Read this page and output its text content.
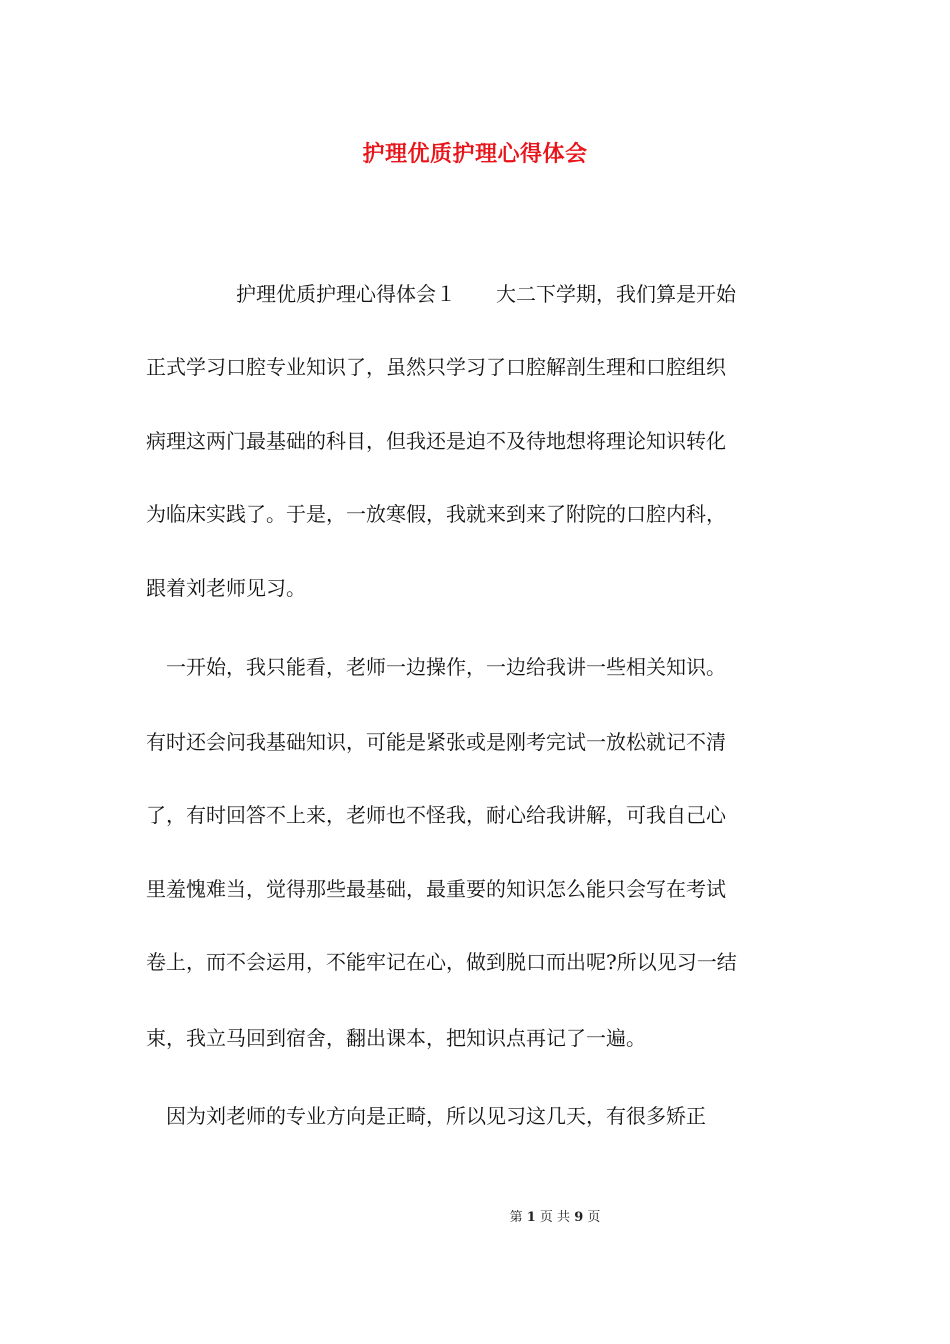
护理优质护理心得体会
护理优质护理心得体会１　　大二下学期，我们算是开始
正式学习口腔专业知识了，虽然只学习了口腔解剖生理和口腔组织
病理这两门最基础的科目，但我还是迫不及待地想将理论知识转化
为临床实践了。于是，一放寒假，我就来到来了附院的口腔内科，
跟着刘老师见习。
　一开始，我只能看，老师一边操作，一边给我讲一些相关知识。
有时还会问我基础知识，可能是紧张或是刚考完试一放松就记不清
了，有时回答不上来，老师也不怪我，耐心给我讲解，可我自己心
里羞愧难当，觉得那些最基础，最重要的知识怎么能只会写在考试
卷上，而不会运用，不能牢记在心，做到脱口而出呢?所以见习一结
束，我立马回到宿舍，翻出课本，把知识点再记了一遍。
　因为刘老师的专业方向是正畸，所以见习这几天，有很多矫正
第 1 页 共 9 页
